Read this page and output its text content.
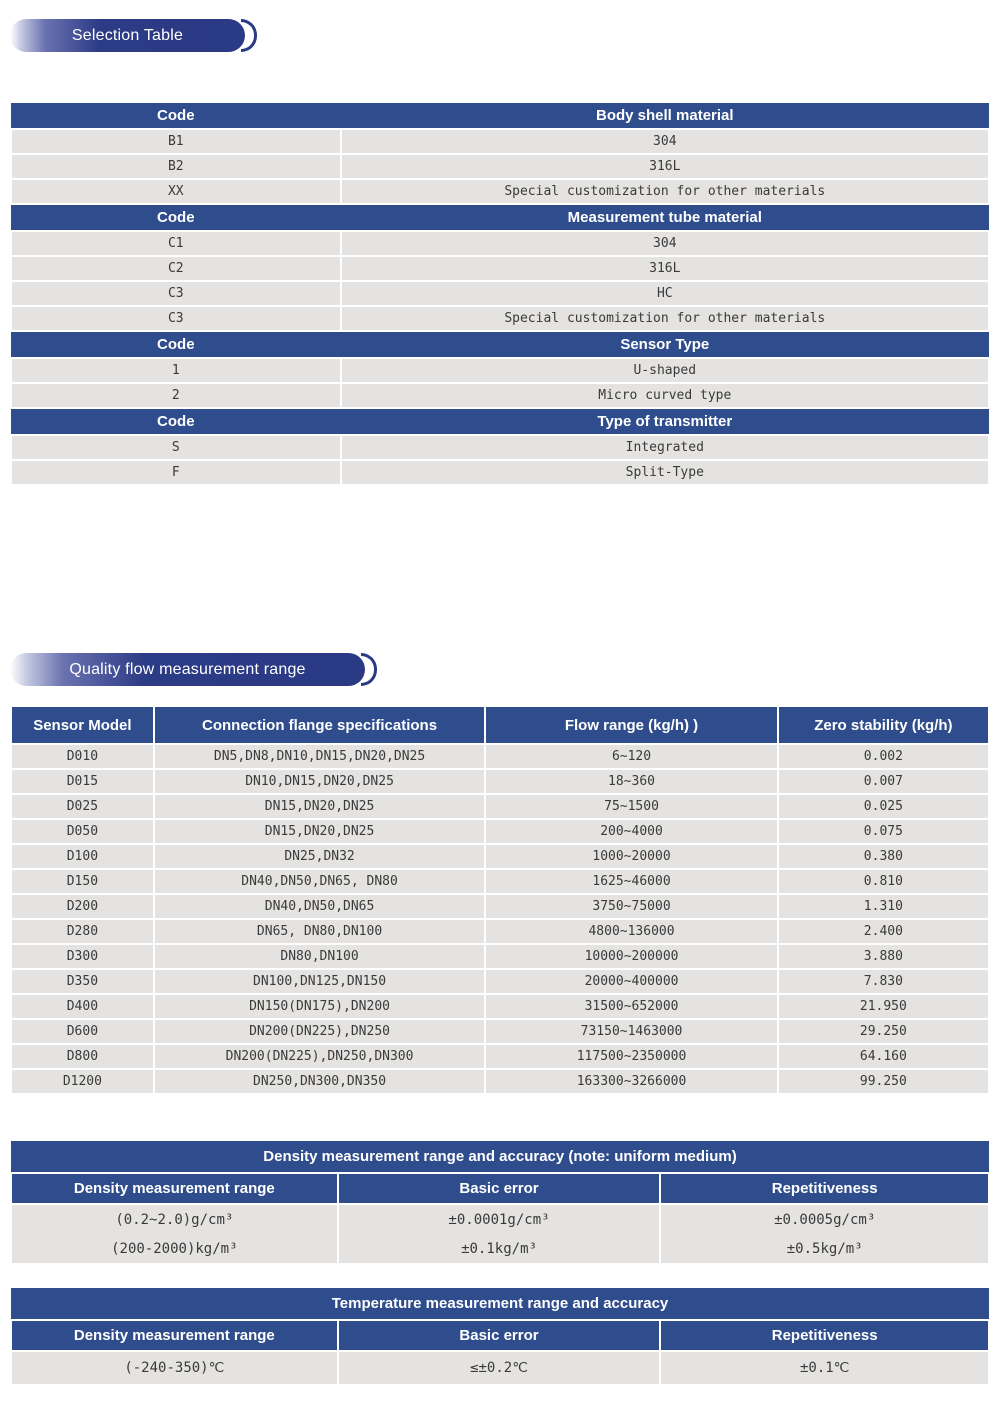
Selection Table
Code	Body shell material
B1	304
B2	316L
XX	Special customization for other materials
Code	Measurement tube material
C1	304
C2	316L
C3	HC
C3	Special customization for other materials
Code	Sensor Type
1	U-shaped
2	Micro curved type
Code	Type of transmitter
S	Integrated
F	Split-Type
Quality flow measurement range
Sensor Model	Connection flange specifications	Flow range (kg/h) )	Zero stability (kg/h)
D010	DN5,DN8,DN10,DN15,DN20,DN25	6~120	0.002
D015	DN10,DN15,DN20,DN25	18~360	0.007
D025	DN15,DN20,DN25	75~1500	0.025
D050	DN15,DN20,DN25	200~4000	0.075
D100	DN25,DN32	1000~20000	0.380
D150	DN40,DN50,DN65, DN80	1625~46000	0.810
D200	DN40,DN50,DN65	3750~75000	1.310
D280	DN65, DN80,DN100	4800~136000	2.400
D300	DN80,DN100	10000~200000	3.880
D350	DN100,DN125,DN150	20000~400000	7.830
D400	DN150(DN175),DN200	31500~652000	21.950
D600	DN200(DN225),DN250	73150~1463000	29.250
D800	DN200(DN225),DN250,DN300	117500~2350000	64.160
D1200	DN250,DN300,DN350	163300~3266000	99.250
Density measurement range and accuracy (note: uniform medium)		
Density measurement range	Basic error	Repetitiveness
(0.2~2.0)g/cm³	±0.0001g/cm³	±0.0005g/cm³
(200-2000)kg/m³	±0.1kg/m³	±0.5kg/m³
Temperature measurement range and accuracy		
Density measurement range	Basic error	Repetitiveness
(-240-350)℃	≤±0.2℃	±0.1℃
